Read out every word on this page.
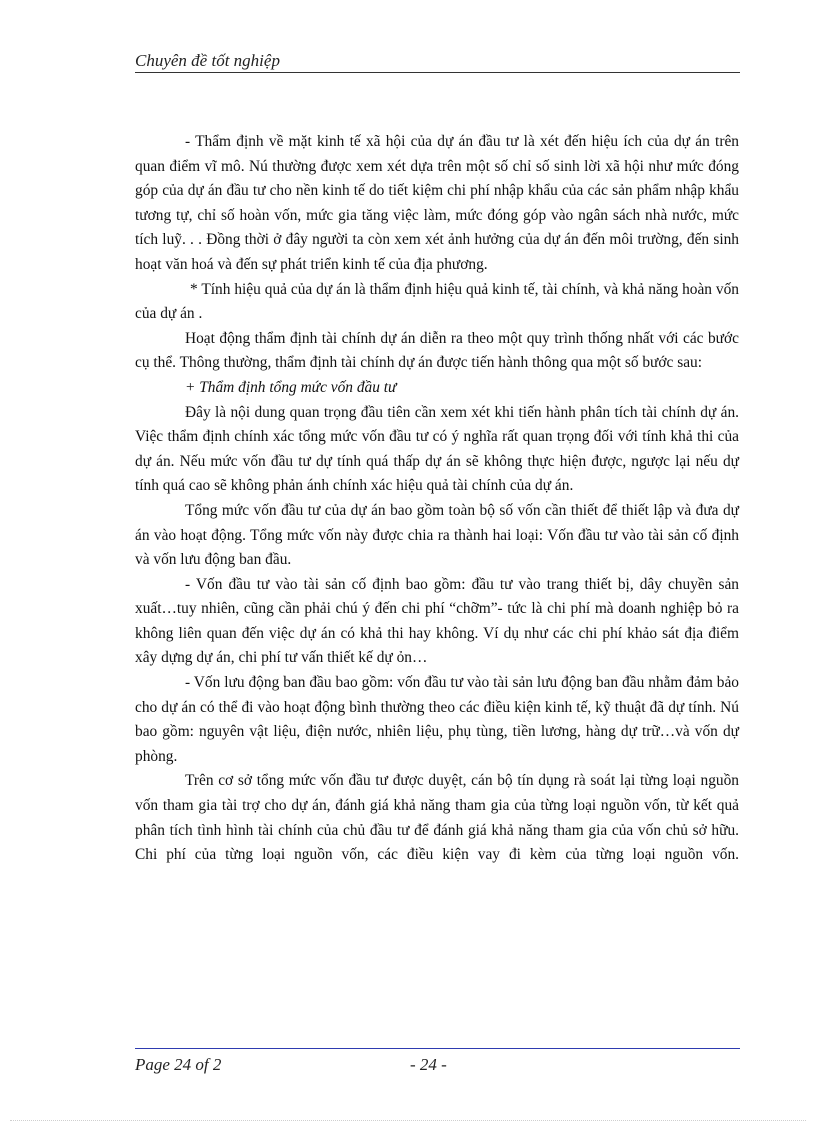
Chuyên đề tốt nghiệp

- Thẩm định về mặt kinh tế xã hội của dự án đầu tư là xét đến hiệu ích của dự án trên quan điểm vĩ mô. Nú thường được xem xét dựa trên một số chỉ số sinh lời xã hội như mức đóng góp của dự án đầu tư cho nền kinh tế do tiết kiệm chi phí nhập khẩu của các sản phẩm nhập khẩu tương tự, chỉ số hoàn vốn, mức gia tăng việc làm, mức đóng góp vào ngân sách nhà nước, mức tích luỹ. . . Đồng thời ở đây người ta còn xem xét ảnh hưởng của dự án đến môi trường, đến sinh hoạt văn hoá và đến sự phát triển kinh tế của địa phương.

* Tính hiệu quả của dự án là thẩm định hiệu quả kinh tế, tài chính, và khả năng hoàn vốn của dự án .

Hoạt động thẩm định tài chính dự án diễn ra theo một quy trình thống nhất với các bước cụ thể. Thông thường, thẩm định tài chính dự án được tiến hành thông qua một số bước sau:

+ Thẩm định tổng mức vốn đầu tư

Đây là nội dung quan trọng đầu tiên cần xem xét khi tiến hành phân tích tài chính dự án. Việc thẩm định chính xác tổng mức vốn đầu tư có ý nghĩa rất quan trọng đối với tính khả thi của dự án. Nếu mức vốn đầu tư dự tính quá thấp dự án sẽ không thực hiện được, ngược lại nếu dự tính quá cao sẽ không phản ánh chính xác hiệu quả tài chính của dự án.

Tổng mức vốn đầu tư của dự án bao gồm toàn bộ số vốn cần thiết để thiết lập và đưa dự án vào hoạt động. Tổng mức vốn này được chia ra thành hai loại: Vốn đầu tư vào tài sản cố định và vốn lưu động ban đầu.

- Vốn đầu tư vào tài sản cố định bao gồm: đầu tư vào trang thiết bị, dây chuyền sản xuất…tuy nhiên, cũng cần phải chú ý đến chi phí “chỡm”- tức là chi phí mà doanh nghiệp bỏ ra không liên quan đến việc dự án có khả thi hay không. Ví dụ như các chi phí khảo sát địa điểm xây dựng dự án, chi phí tư vấn thiết kế dự ỏn…

- Vốn lưu động ban đầu bao gồm: vốn đầu tư vào tài sản lưu động ban đầu nhằm đảm bảo cho dự án có thể đi vào hoạt động bình thường theo các điều kiện kinh tế, kỹ thuật đã dự tính. Nú bao gồm: nguyên vật liệu, điện nước, nhiên liệu, phụ tùng, tiền lương, hàng dự trữ…và vốn dự phòng.

Trên cơ sở tổng mức vốn đầu tư được duyệt, cán bộ tín dụng rà soát lại từng loại nguồn vốn tham gia tài trợ cho dự án, đánh giá khả năng tham gia của từng loại nguồn vốn, từ kết quả phân tích tình hình tài chính của chủ đầu tư để đánh giá khả năng tham gia của vốn chủ sở hữu. Chi phí của từng loại nguồn vốn, các điều kiện vay đi kèm của từng loại nguồn vốn.

Page 24 of 2	- 24 -
